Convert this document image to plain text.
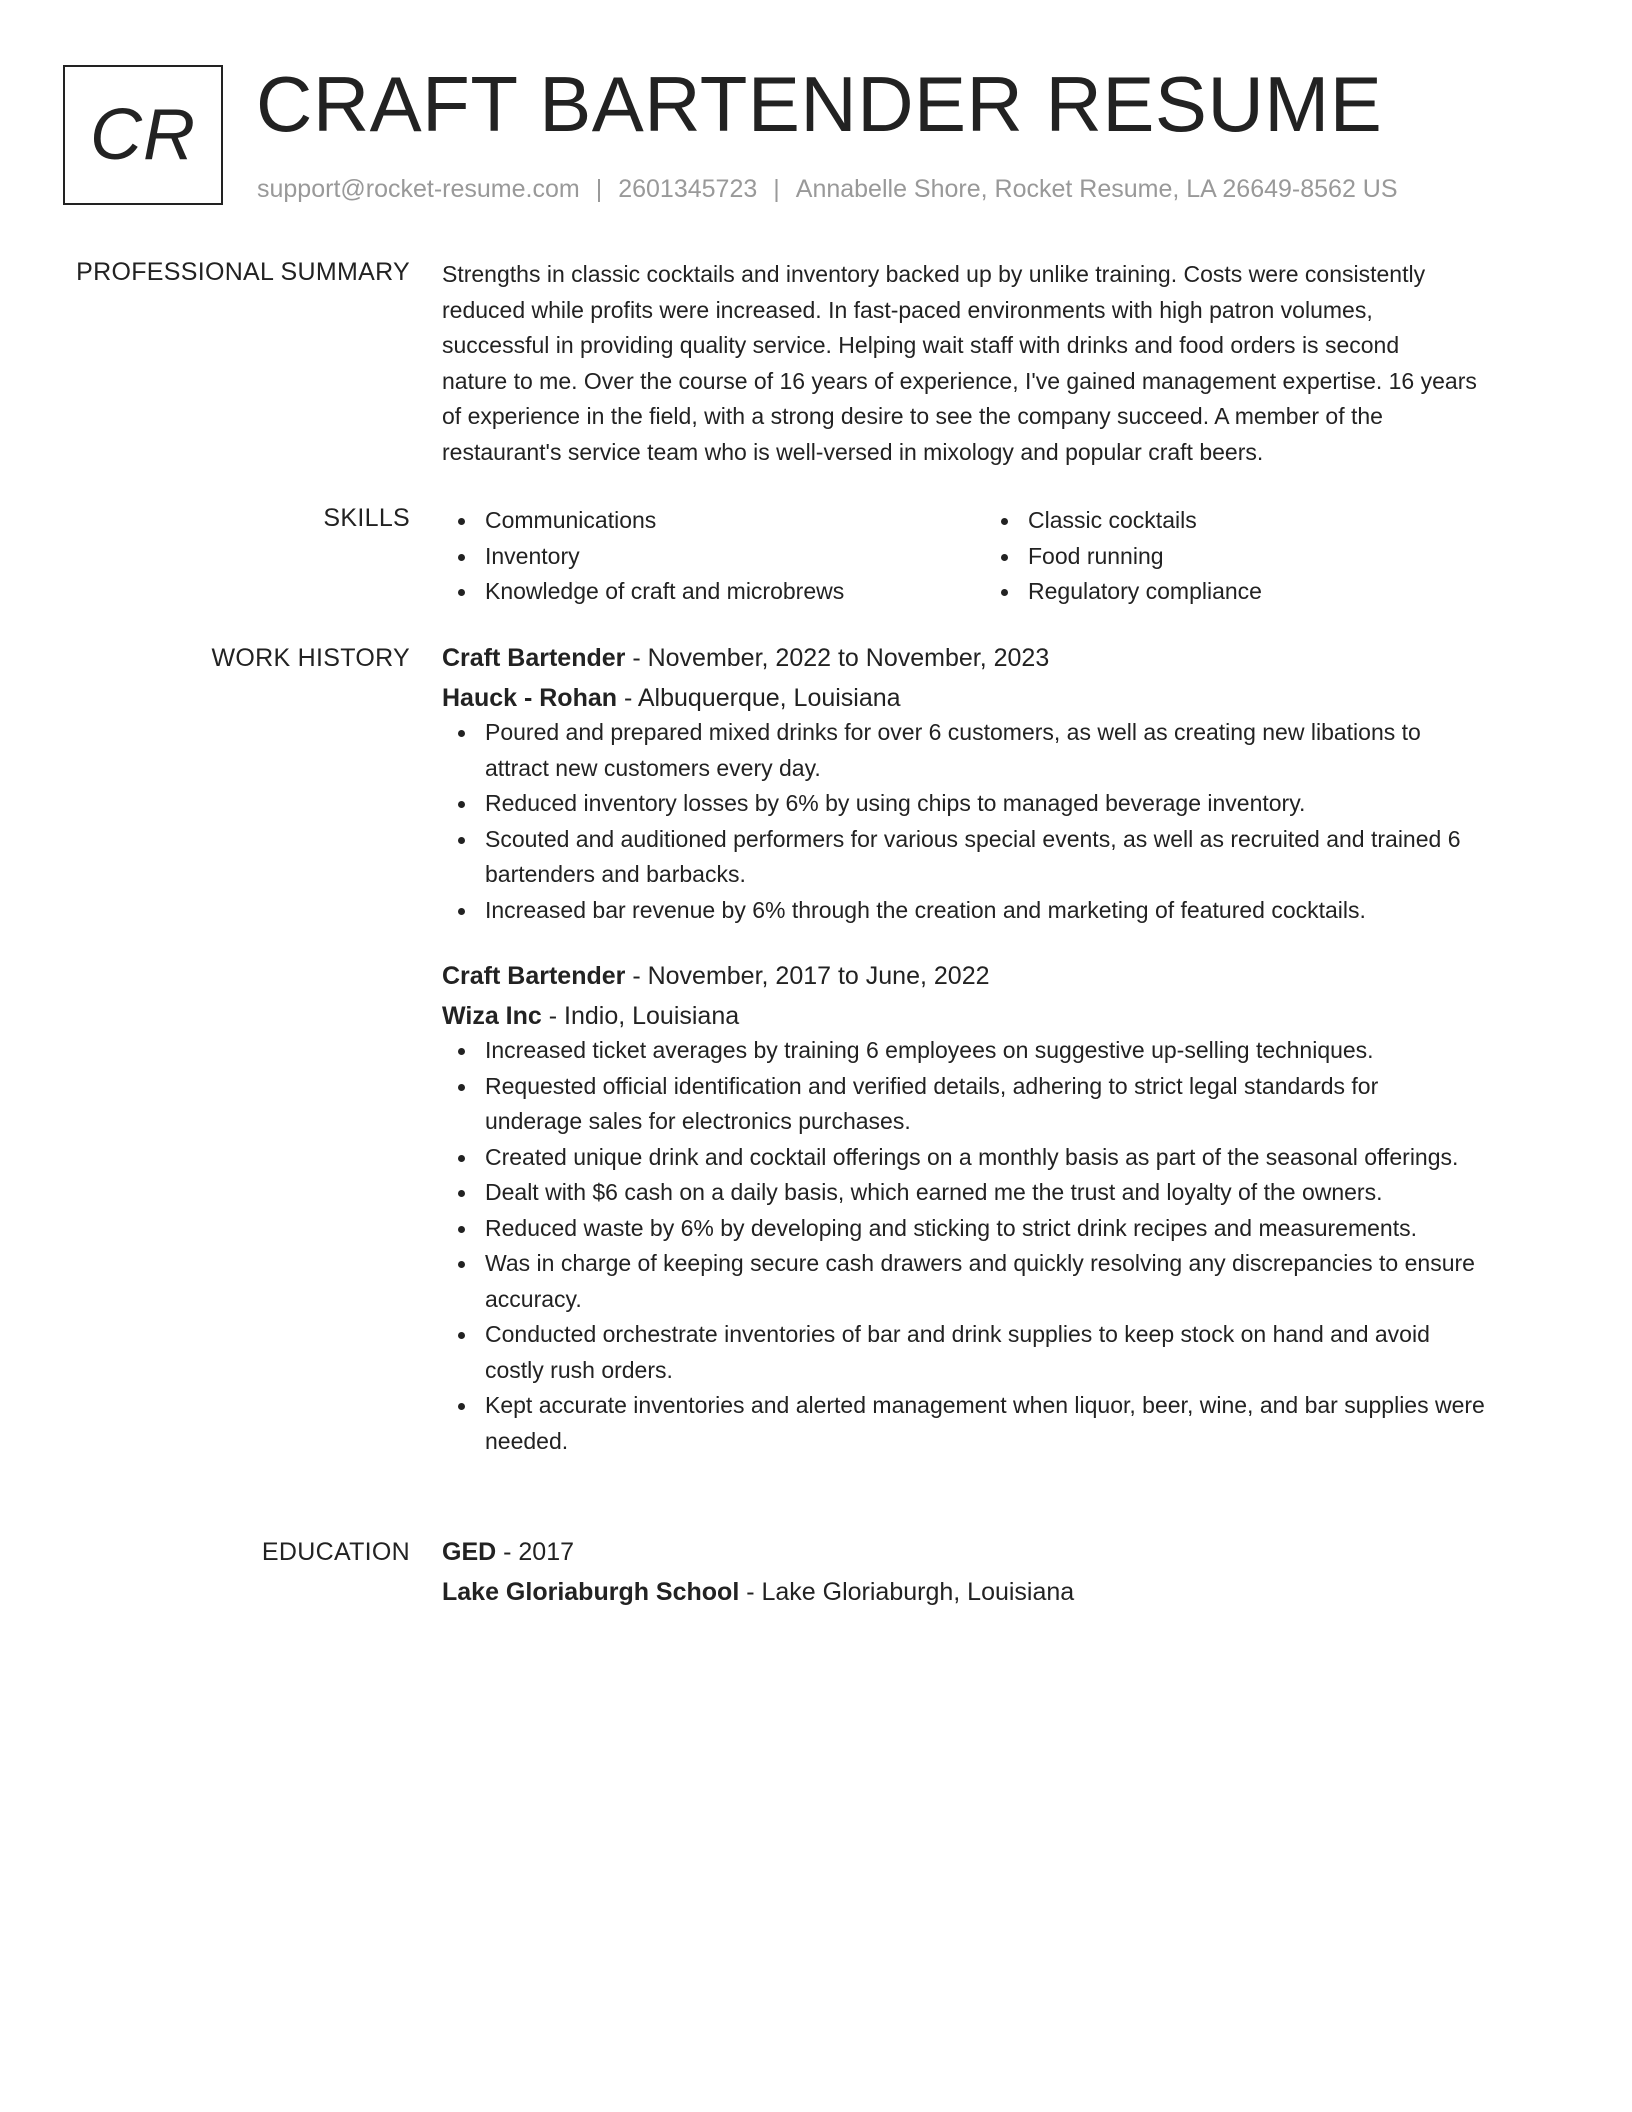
CR CRAFT BARTENDER RESUME
support@rocket-resume.com | 2601345723 | Annabelle Shore, Rocket Resume, LA 26649-8562 US
PROFESSIONAL SUMMARY Strengths in classic cocktails and inventory backed up by unlike training. Costs were consistently
reduced while profits were increased. In fast-paced environments with high patron volumes,
successful in providing quality service. Helping wait staff with drinks and food orders is second
nature to me. Over the course of 16 years of experience, I've gained management expertise. 16 years
of experience in the field, with a strong desire to see the company succeed. A member of the
restaurant's service team who is well-versed in mixology and popular craft beers.

SKILLS	Communications
Inventory
Knowledge of craft and microbrews
Classic cocktails
Food running
Regulatory compliance
WORK HISTORY Craft Bartender - November, 2022 to November, 2023
Hauck - Rohan - Albuquerque, Louisiana
Poured and prepared mixed drinks for over 6 customers, as well as creating new libations to
attract new customers every day.
Reduced inventory losses by 6% by using chips to managed beverage inventory.
Scouted and auditioned performers for various special events, as well as recruited and trained 6
bartenders and barbacks.
Increased bar revenue by 6% through the creation and marketing of featured cocktails.
Craft Bartender - November, 2017 to June, 2022
Wiza Inc - Indio, Louisiana
Increased ticket averages by training 6 employees on suggestive up-selling techniques.
Requested official identification and verified details, adhering to strict legal standards for
underage sales for electronics purchases.
Created unique drink and cocktail offerings on a monthly basis as part of the seasonal offerings.
Dealt with $6 cash on a daily basis, which earned me the trust and loyalty of the owners.
Reduced waste by 6% by developing and sticking to strict drink recipes and measurements.
Was in charge of keeping secure cash drawers and quickly resolving any discrepancies to ensure
accuracy.
Conducted orchestrate inventories of bar and drink supplies to keep stock on hand and avoid
costly rush orders.
Kept accurate inventories and alerted management when liquor, beer, wine, and bar supplies were
needed.
EDUCATION GED - 2017
Lake Gloriaburgh School - Lake Gloriaburgh, Louisiana
